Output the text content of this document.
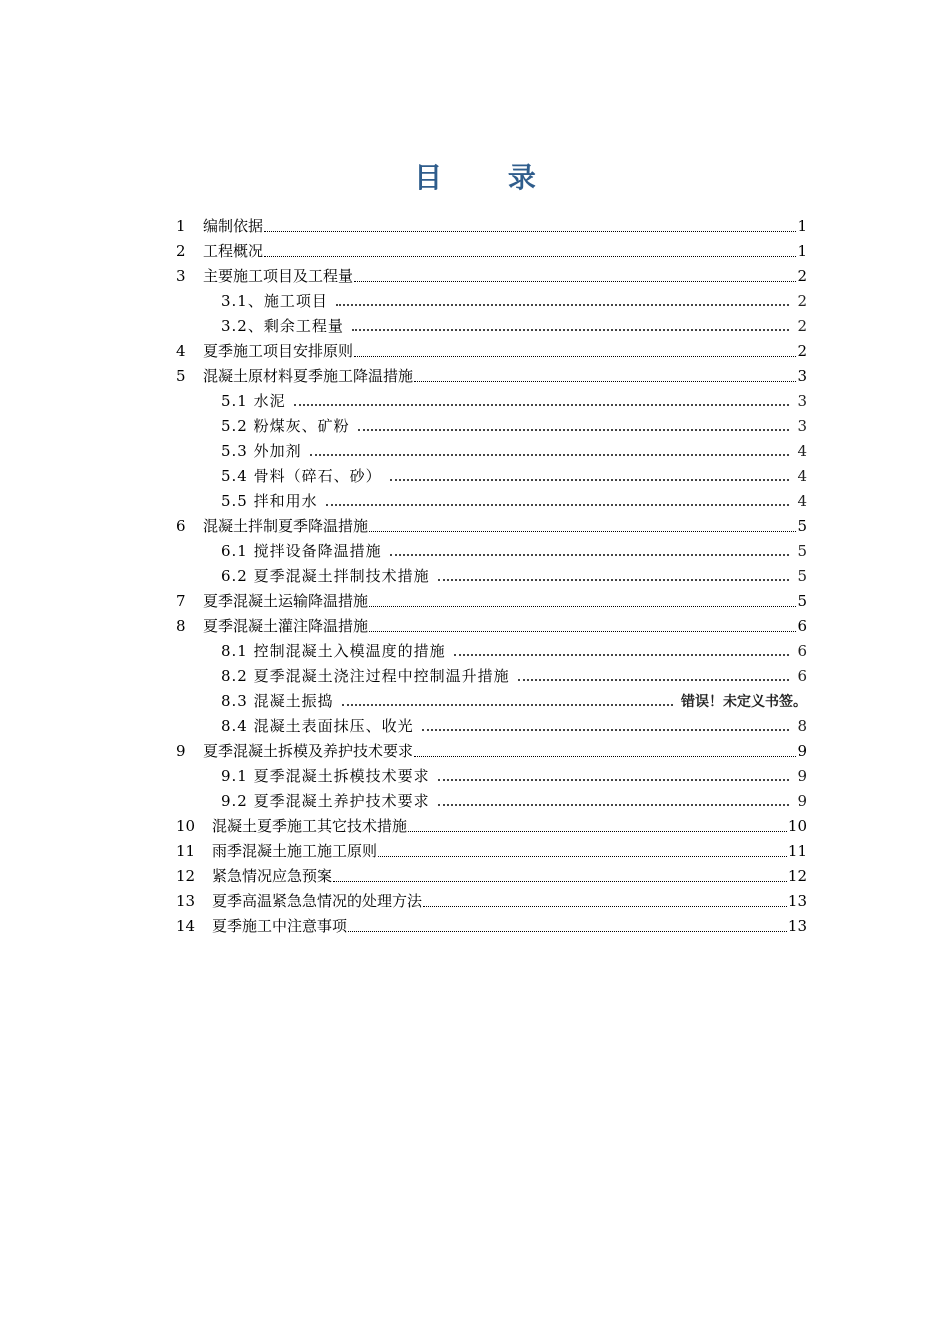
目 录
1	编制依据	1
2	工程概况	1
3	主要施工项目及工程量	2
3.1、施工项目	2
3.2、剩余工程量	2
4	夏季施工项目安排原则	2
5	混凝土原材料夏季施工降温措施	3
5.1 水泥	3
5.2 粉煤灰、矿粉	3
5.3 外加剂	4
5.4 骨料（碎石、砂）	4
5.5 拌和用水	4
6	混凝土拌制夏季降温措施	5
6.1 搅拌设备降温措施	5
6.2 夏季混凝土拌制技术措施	5
7	夏季混凝土运输降温措施	5
8	夏季混凝土灌注降温措施	6
8.1 控制混凝土入模温度的措施	6
8.2 夏季混凝土浇注过程中控制温升措施	6
8.3 混凝土振捣	错误！未定义书签。
8.4 混凝土表面抹压、收光	8
9	夏季混凝土拆模及养护技术要求	9
9.1 夏季混凝土拆模技术要求	9
9.2 夏季混凝土养护技术要求	9
10	混凝土夏季施工其它技术措施	10
11	雨季混凝土施工施工原则	11
12	紧急情况应急预案	12
13	夏季高温紧急急情况的处理方法	13
14	夏季施工中注意事项	13
